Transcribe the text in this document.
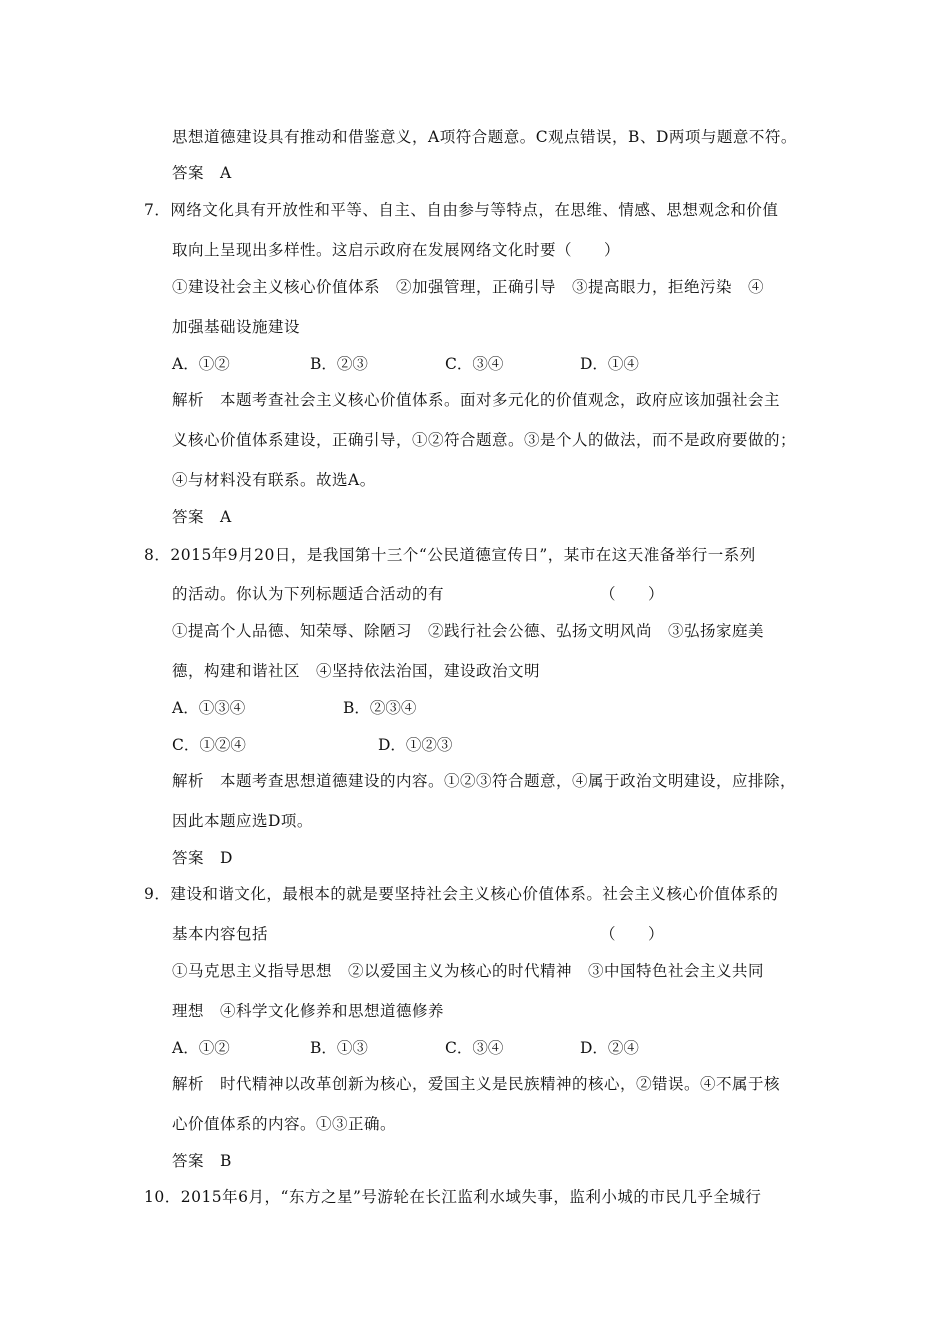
思想道德建设具有推动和借鉴意义，A项符合题意。C观点错误，B、D两项与题意不符。
答案　A
7．网络文化具有开放性和平等、自主、自由参与等特点，在思维、情感、思想观念和价值
取向上呈现出多样性。这启示政府在发展网络文化时要（　　）
①建设社会主义核心价值体系　②加强管理，正确引导　③提高眼力，拒绝污染　④
加强基础设施建设
A．①②	B．②③	C．③④	D．①④
解析　本题考查社会主义核心价值体系。面对多元化的价值观念，政府应该加强社会主
义核心价值体系建设，正确引导，①②符合题意。③是个人的做法，而不是政府要做的；
④与材料没有联系。故选A。
答案　A
8．2015年9月20日，是我国第十三个“公民道德宣传日”，某市在这天准备举行一系列
的活动。你认为下列标题适合活动的有	（　　）
①提高个人品德、知荣辱、除陋习　②践行社会公德、弘扬文明风尚　③弘扬家庭美
德，构建和谐社区　④坚持依法治国，建设政治文明
A．①③④	B．②③④
C．①②④	D．①②③
解析　本题考查思想道德建设的内容。①②③符合题意，④属于政治文明建设，应排除，
因此本题应选D项。
答案　D
9．建设和谐文化，最根本的就是要坚持社会主义核心价值体系。社会主义核心价值体系的
基本内容包括	（　　）
①马克思主义指导思想　②以爱国主义为核心的时代精神　③中国特色社会主义共同
理想　④科学文化修养和思想道德修养
A．①②	B．①③	C．③④	D．②④
解析　时代精神以改革创新为核心，爱国主义是民族精神的核心，②错误。④不属于核
心价值体系的内容。①③正确。
答案　B
10．2015年6月，“东方之星”号游轮在长江监利水域失事，监利小城的市民几乎全城行
